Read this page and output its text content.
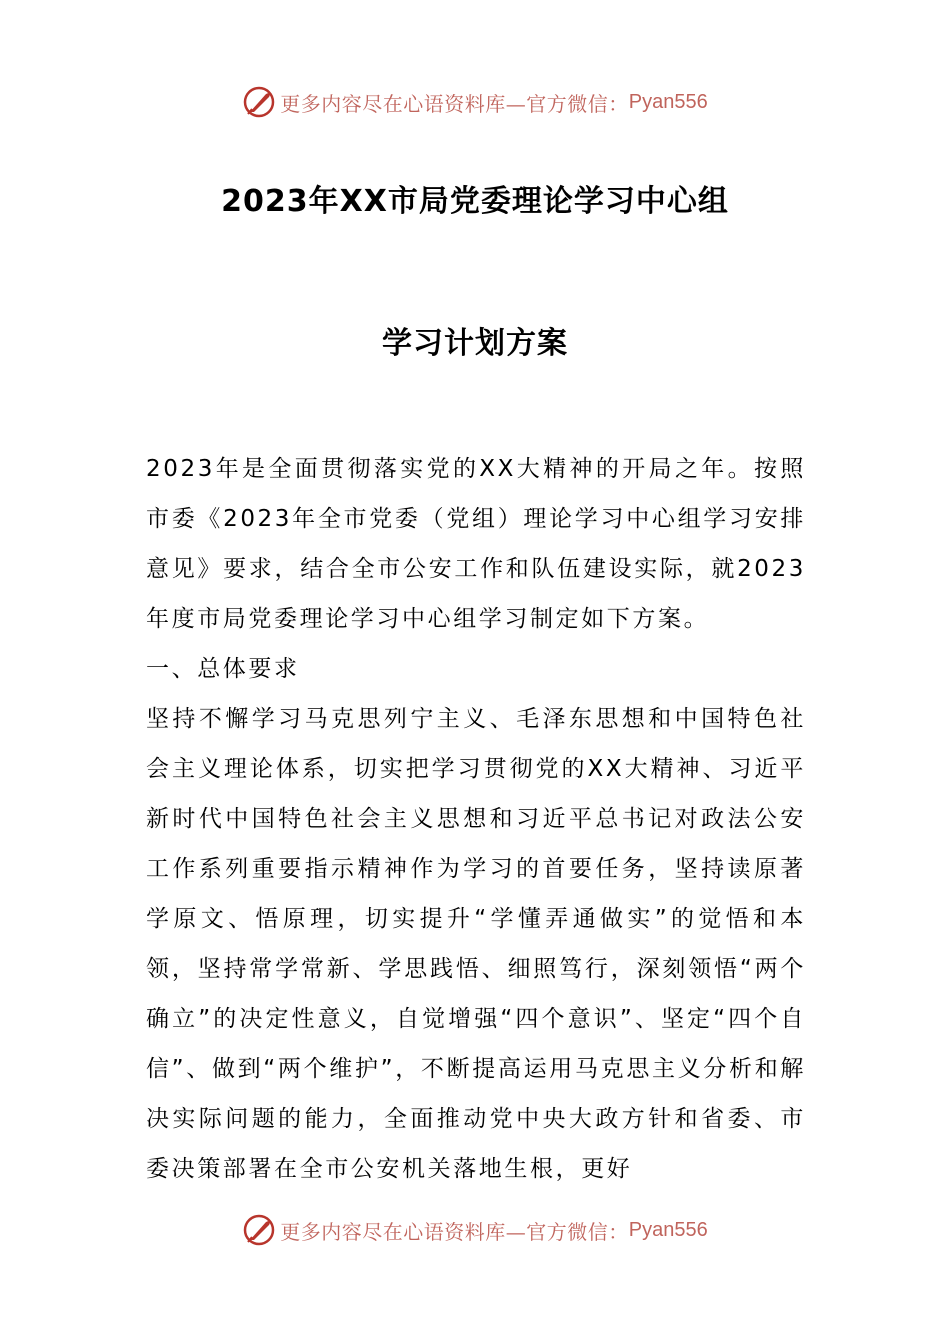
更多内容尽在心语资料库—官方微信： Pyan556
2023年XX市局党委理论学习中心组
学习计划方案

2023年是全面贯彻落实党的XX大精神的开局之年。按照市委《2023年全市党委（党组）理论学习中心组学习安排意见》要求，结合全市公安工作和队伍建设实际，就2023年度市局党委理论学习中心组学习制定如下方案。

一、总体要求

坚持不懈学习马克思列宁主义、毛泽东思想和中国特色社会主义理论体系，切实把学习贯彻党的XX大精神、习近平新时代中国特色社会主义思想和习近平总书记对政法公安工作系列重要指示精神作为学习的首要任务，坚持读原著学原文、悟原理，切实提升“学懂弄通做实”的觉悟和本领，坚持常学常新、学思践悟、细照笃行，深刻领悟“两个确立”的决定性意义，自觉增强“四个意识”、坚定“四个自信”、做到“两个维护”，不断提高运用马克思主义分析和解决实际问题的能力，全面推动党中央大政方针和省委、市委决策部署在全市公安机关落地生根，更好

更多内容尽在心语资料库—官方微信： Pyan556
